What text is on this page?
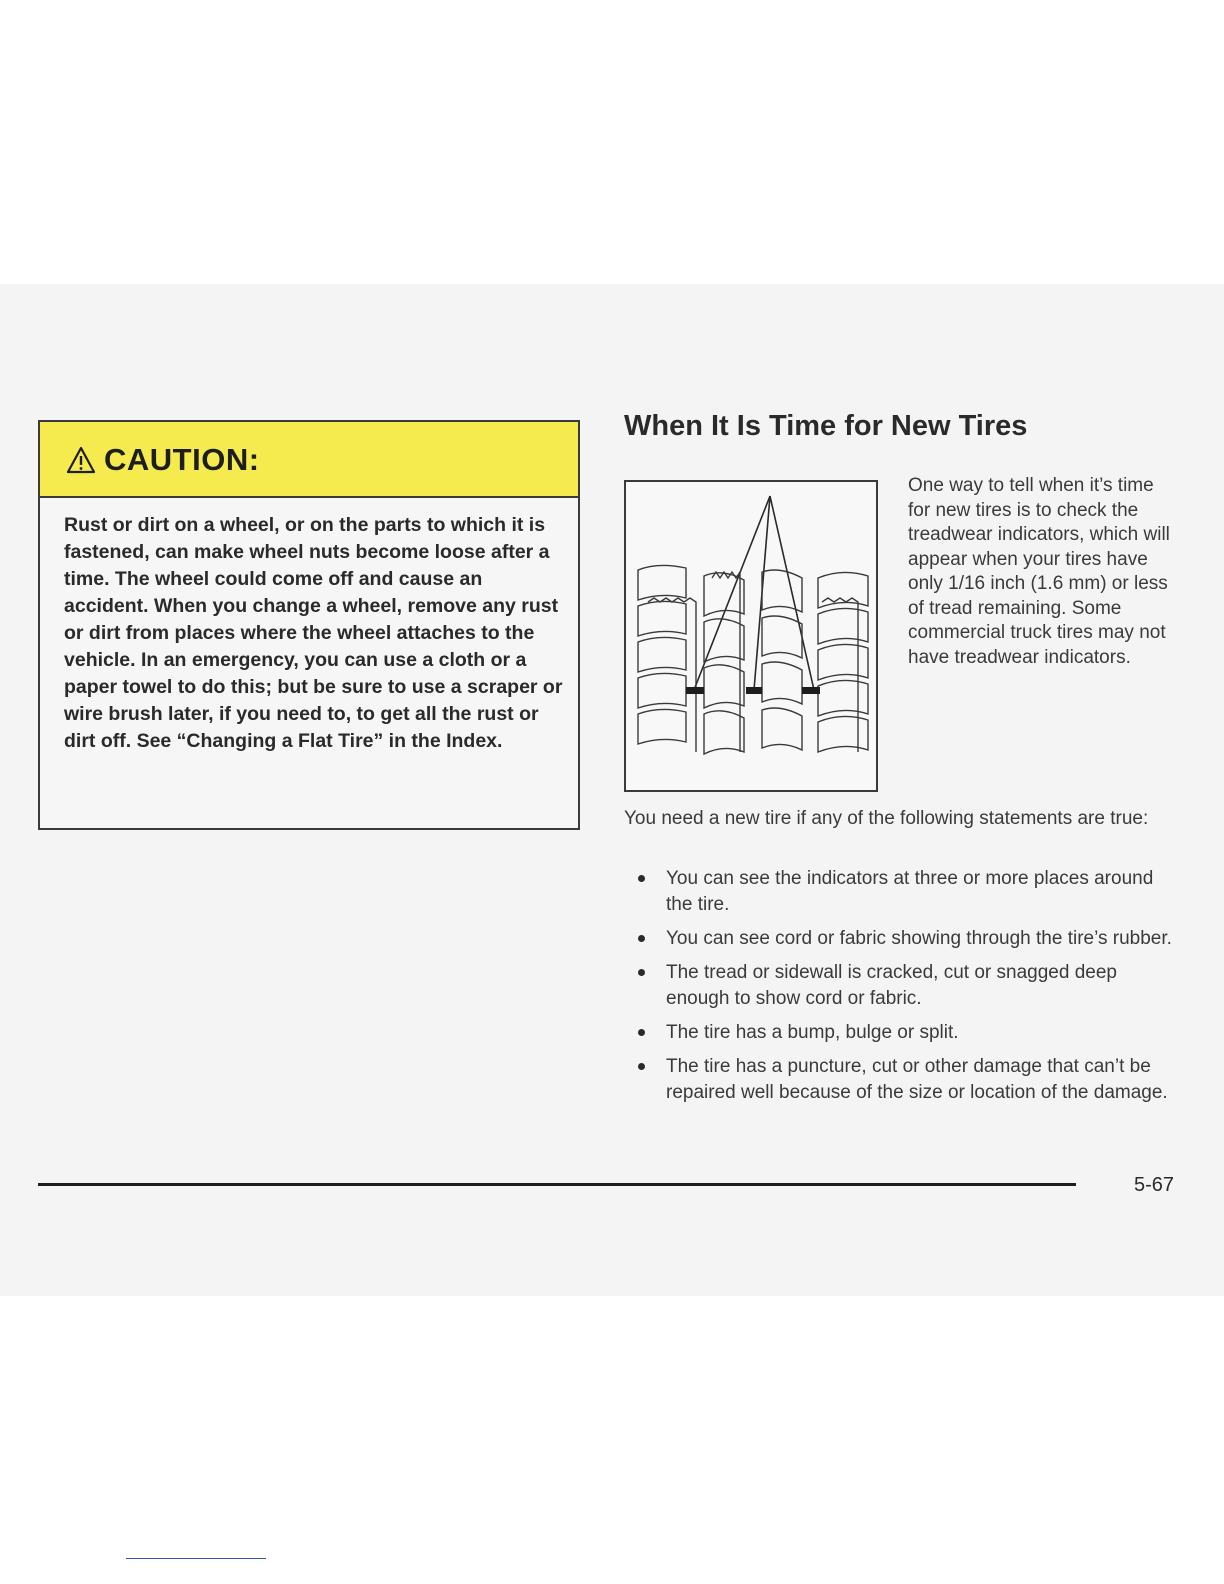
CAUTION:

Rust or dirt on a wheel, or on the parts to which it is fastened, can make wheel nuts become loose after a time. The wheel could come off and cause an accident. When you change a wheel, remove any rust or dirt from places where the wheel attaches to the vehicle. In an emergency, you can use a cloth or a paper towel to do this; but be sure to use a scraper or wire brush later, if you need to, to get all the rust or dirt off. See “Changing a Flat Tire” in the Index.

When It Is Time for New Tires

One way to tell when it’s time for new tires is to check the treadwear indicators, which will appear when your tires have only 1/16 inch (1.6 mm) or less of tread remaining. Some commercial truck tires may not have treadwear indicators.

You need a new tire if any of the following statements are true:

You can see the indicators at three or more places around the tire.
You can see cord or fabric showing through the tire’s rubber.
The tread or sidewall is cracked, cut or snagged deep enough to show cord or fabric.
The tire has a bump, bulge or split.
The tire has a puncture, cut or other damage that can’t be repaired well because of the size or location of the damage.
5-67
